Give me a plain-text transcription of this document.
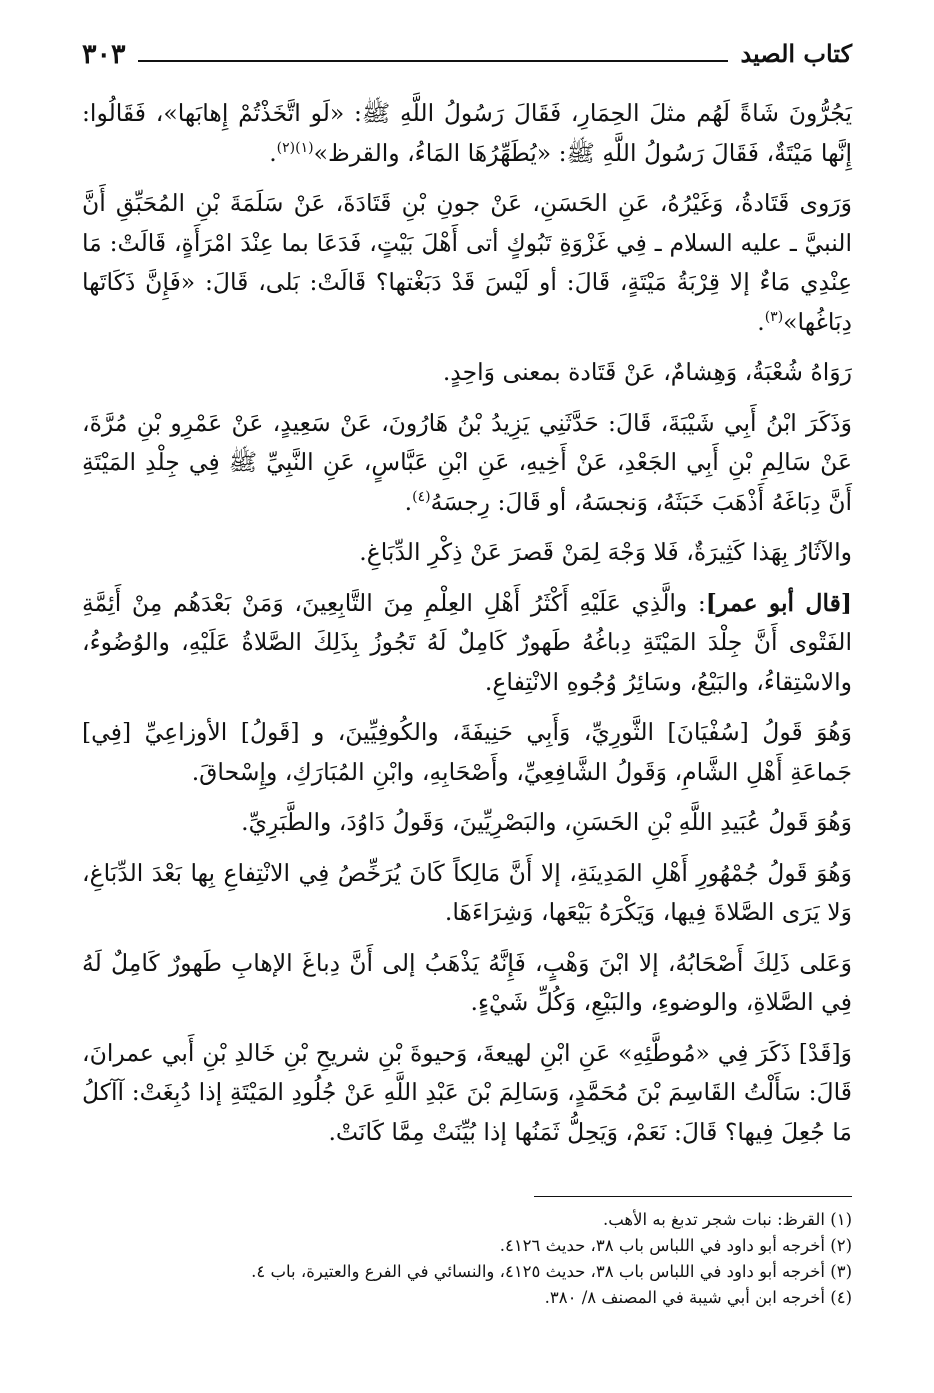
كتاب الصيد
٣٠٣

يَجُرُّونَ شَاةً لَهُم مثلَ الحِمَارِ، فَقَالَ رَسُولُ اللَّهِ ﷺ: «لَو اتَّخَذْتُمْ إِهابَها»، فَقَالُوا: إِنَّها مَيْتَةٌ، فَقَالَ رَسُولُ اللَّهِ ﷺ: «يُطَهِّرُهَا المَاءُ، والقرظ»$^{(١)(٢)}$.

وَرَوى قَتَادةُ، وَغَيْرُهُ، عَنِ الحَسَنِ، عَنْ جونِ بْنِ قَتَادَةَ، عَنْ سَلَمَةَ بْنِ المُحَبِّقِ أَنَّ النبيَّ ـ عليه السلام ـ فِي غَزْوَةِ تَبُوكٍ أتى أَهْلَ بَيْتٍ، فَدَعَا بما عِنْدَ امْرَأَةٍ، قَالَتْ: مَا عِنْدِي مَاءٌ إلا قِرْبَةُ مَيْتَةٍ، قَالَ: أو لَيْسَ قَدْ دَبَغْتها؟ قَالَتْ: بَلى، قَالَ: «فَإِنَّ ذَكَاتَها دِبَاغُها»$^{(٣)}$.

رَوَاهُ شُعْبَةُ، وَهِشامٌ، عَنْ قَتَادة بمعنى وَاحِدٍ.

وَذَكَرَ ابْنُ أَبِي شَيْبَةَ، قَالَ: حَدَّثَنِي يَزِيدُ بْنُ هَارُونَ، عَنْ سَعِيدٍ، عَنْ عَمْرِو بْنِ مُرَّةَ، عَنْ سَالِمِ بْنِ أَبِي الجَعْدِ، عَنْ أَخِيهِ، عَنِ ابْنِ عَبَّاسٍ، عَنِ النَّبِيِّ ﷺ فِي جِلْدِ المَيْتَةِ أَنَّ دِبَاغَهُ أَذْهَبَ خَبَثَهُ، وَنجسَهُ، أو قَالَ: رِجسَهُ$^{(٤)}$.

والآثَارُ بِهَذا كَثِيرَةٌ، فَلا وَجْهَ لِمَنْ قَصرَ عَنْ ذِكْرِ الدِّبَاغِ.

[قال أبو عمر]: والَّذِي عَلَيْهِ أَكْثَرُ أَهْلِ العِلْمِ مِنَ التَّابِعِينَ، وَمَنْ بَعْدَهُم مِنْ أَئِمَّةِ الفَتْوى أَنَّ جِلْدَ المَيْتَةِ دِباغُهُ طَهورٌ كَامِلٌ لَهُ تَجُوزُ بِذَلِكَ الصَّلاةُ عَلَيْهِ، والوُضُوءُ، والاسْتِقاءُ، والبَيْعُ، وسَائِرُ وُجُوهِ الانْتِفاعِ.

وَهُوَ قَولُ [سُفْيَانَ] الثَّورِيِّ، وَأَبِي حَنِيفَةَ، والكُوفِيِّينَ، و [قَولُ] الأوزاعِيِّ [فِي] جَماعَةِ أَهْلِ الشَّامِ، وَقَولُ الشَّافِعِيِّ، وأَصْحَابِهِ، وابْنِ المُبَارَكِ، وإِسْحاقَ.

وَهُوَ قَولُ عُبَيدِ اللَّهِ بْنِ الحَسَنِ، والبَصْرِيِّينَ، وَقَولُ دَاوُدَ، والطَّبَرِيِّ.

وَهُوَ قَولُ جُمْهُورِ أَهْلِ المَدِينَةِ، إلا أَنَّ مَالِكاً كَانَ يُرَخِّصُ فِي الانْتِفاعِ بِها بَعْدَ الدِّبَاغِ، وَلا يَرَى الصَّلاةَ فِيها، وَيَكْرَهُ بَيْعَها، وَشِرَاءَهَا.

وَعَلى ذَلِكَ أَصْحَابُهُ، إلا ابْنَ وَهْبٍ، فَإِنَّهُ يَذْهَبُ إلى أَنَّ دِباغَ الإهابِ طَهورٌ كَامِلٌ لَهُ فِي الصَّلاةِ، والوضوءِ، والبَيْعِ، وَكُلِّ شَيْءٍ.

وَ[قَدْ] ذَكَرَ فِي «مُوطَّئِهِ» عَنِ ابْنِ لهيعةَ، وَحيوةَ بْنِ شريحِ بْنِ خَالدِ بْنِ أَبي عمرانَ، قَالَ: سَأَلْتُ القَاسِمَ بْنَ مُحَمَّدٍ، وَسَالِمَ بْنَ عَبْدِ اللَّهِ عَنْ جُلُودِ المَيْتَةِ إذا دُبِغَتْ: آآكلُ مَا جُعِلَ فِيها؟ قَالَ: نَعَمْ، وَيَحِلُّ ثَمَنُها إذا بُيِّنَتْ مِمَّا كَانَتْ.

(١) القرظ: نبات شجر تدبغ به الأهب.

(٢) أخرجه أبو داود في اللباس باب ٣٨، حديث ٤١٢٦.

(٣) أخرجه أبو داود في اللباس باب ٣٨، حديث ٤١٢٥، والنسائي في الفرع والعتيرة، باب ٤.

(٤) أخرجه ابن أبي شيبة في المصنف ٨/ ٣٨٠.
